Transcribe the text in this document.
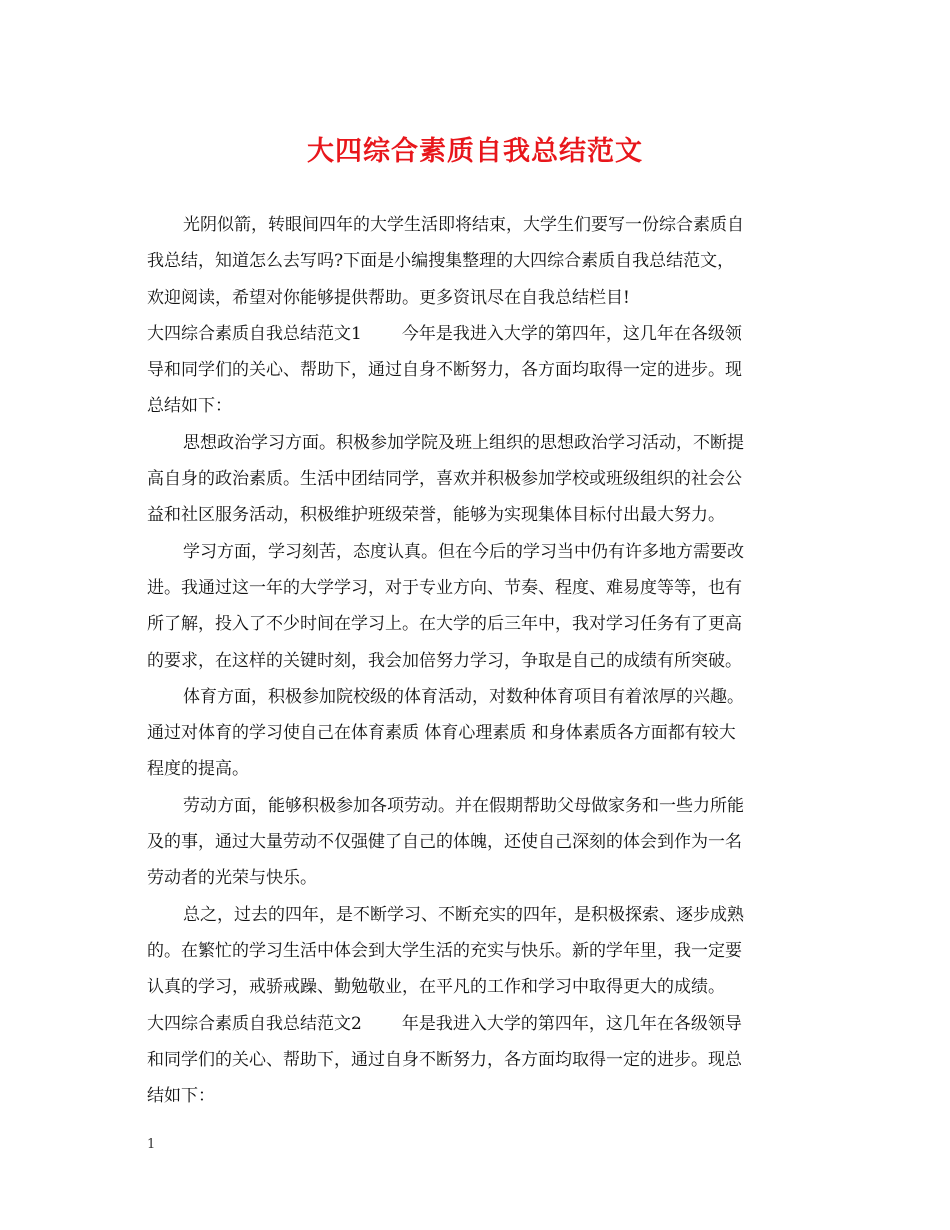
大四综合素质自我总结范文
光阴似箭，转眼间四年的大学生活即将结束，大学生们要写一份综合素质自
我总结，知道怎么去写吗?下面是小编搜集整理的大四综合素质自我总结范文，
欢迎阅读，希望对你能够提供帮助。更多资讯尽在自我总结栏目!
大四综合素质自我总结范文1 今年是我进入大学的第四年，这几年在各级领
导和同学们的关心、帮助下，通过自身不断努力，各方面均取得一定的进步。现
总结如下：
思想政治学习方面。积极参加学院及班上组织的思想政治学习活动，不断提
高自身的政治素质。生活中团结同学，喜欢并积极参加学校或班级组织的社会公
益和社区服务活动，积极维护班级荣誉，能够为实现集体目标付出最大努力。
学习方面，学习刻苦，态度认真。但在今后的学习当中仍有许多地方需要改
进。我通过这一年的大学学习，对于专业方向、节奏、程度、难易度等等，也有
所了解，投入了不少时间在学习上。在大学的后三年中，我对学习任务有了更高
的要求，在这样的关键时刻，我会加倍努力学习，争取是自己的成绩有所突破。
体育方面，积极参加院校级的体育活动，对数种体育项目有着浓厚的兴趣。
通过对体育的学习使自己在体育素质 体育心理素质 和身体素质各方面都有较大
程度的提高。
劳动方面，能够积极参加各项劳动。并在假期帮助父母做家务和一些力所能
及的事，通过大量劳动不仅强健了自己的体魄，还使自己深刻的体会到作为一名
劳动者的光荣与快乐。
总之，过去的四年，是不断学习、不断充实的四年，是积极探索、逐步成熟
的。在繁忙的学习生活中体会到大学生活的充实与快乐。新的学年里，我一定要
认真的学习，戒骄戒躁、勤勉敬业，在平凡的工作和学习中取得更大的成绩。
大四综合素质自我总结范文2 年是我进入大学的第四年，这几年在各级领导
和同学们的关心、帮助下，通过自身不断努力，各方面均取得一定的进步。现总
结如下：
1
